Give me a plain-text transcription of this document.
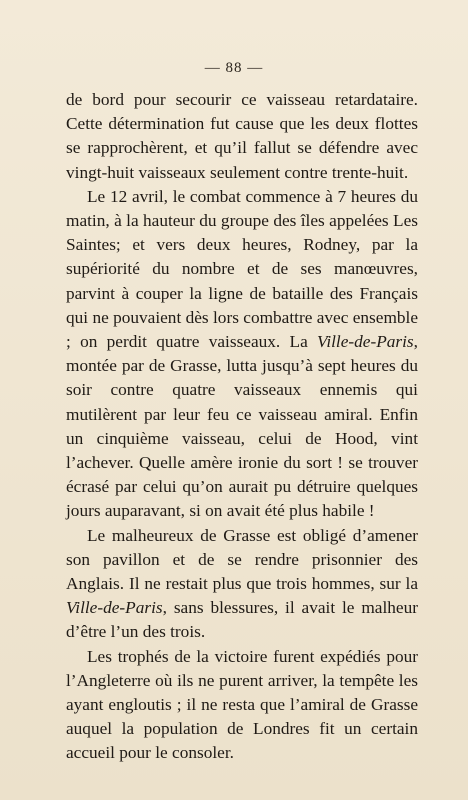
— 88 —

de bord pour secourir ce vaisseau retardataire. Cette détermination fut cause que les deux flottes se rapprochèrent, et qu’il fallut se défendre avec vingt-huit vaisseaux seulement contre trente-huit.

Le 12 avril, le combat commence à 7 heures du matin, à la hauteur du groupe des îles appelées Les Saintes; et vers deux heures, Rodney, par la supériorité du nombre et de ses manœuvres, parvint à couper la ligne de bataille des Français qui ne pouvaient dès lors combattre avec ensemble ; on perdit quatre vaisseaux. La Ville-de-Paris, montée par de Grasse, lutta jusqu’à sept heures du soir contre quatre vaisseaux ennemis qui mutilèrent par leur feu ce vaisseau amiral. Enfin un cinquième vaisseau, celui de Hood, vint l’achever. Quelle amère ironie du sort ! se trouver écrasé par celui qu’on aurait pu détruire quelques jours auparavant, si on avait été plus habile !

Le malheureux de Grasse est obligé d’amener son pavillon et de se rendre prisonnier des Anglais. Il ne restait plus que trois hommes, sur la Ville-de-Paris, sans blessures, il avait le malheur d’être l’un des trois.

Les trophés de la victoire furent expédiés pour l’Angleterre où ils ne purent arriver, la tempête les ayant engloutis ; il ne resta que l’amiral de Grasse auquel la population de Londres fit un certain accueil pour le consoler.
